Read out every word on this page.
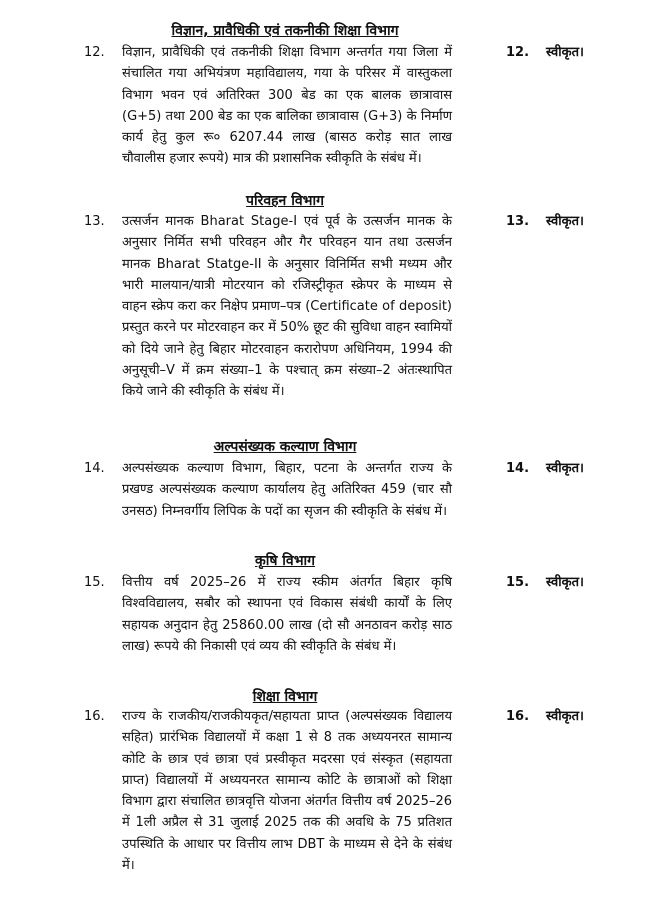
विज्ञान, प्रावैधिकी एवं तकनीकी शिक्षा विभाग
12. विज्ञान, प्रावैधिकी एवं तकनीकी शिक्षा विभाग अन्तर्गत गया जिला में संचालित गया अभियंत्रण महाविद्यालय, गया के परिसर में वास्तुकला विभाग भवन एवं अतिरिक्त 300 बेड का एक बालक छात्रावास (G+5) तथा 200 बेड का एक बालिका छात्रावास (G+3) के निर्माण कार्य हेतु कुल रू० 6207.44 लाख (बासठ करोड़ सात लाख चौवालीस हजार रूपये) मात्र की प्रशासनिक स्वीकृति के संबंध में।
12. स्वीकृत।
परिवहन विभाग
13. उत्सर्जन मानक Bharat Stage-I एवं पूर्व के उत्सर्जन मानक के अनुसार निर्मित सभी परिवहन और गैर परिवहन यान तथा उत्सर्जन मानक Bharat Statge-II के अनुसार विनिर्मित सभी मध्यम और भारी मालयान/यात्री मोटरयान को रजिस्ट्रीकृत स्क्रेपर के माध्यम से वाहन स्क्रेप करा कर निक्षेप प्रमाण–पत्र (Certificate of deposit) प्रस्तुत करने पर मोटरवाहन कर में 50% छूट की सुविधा वाहन स्वामियों को दिये जाने हेतु बिहार मोटरवाहन करारोपण अधिनियम, 1994 की अनुसूची–V में क्रम संख्या–1 के पश्चात् क्रम संख्या–2 अंतःस्थापित किये जाने की स्वीकृति के संबंध में।
13. स्वीकृत।
अल्पसंख्यक कल्याण विभाग
14. अल्पसंख्यक कल्याण विभाग, बिहार, पटना के अन्तर्गत राज्य के प्रखण्ड अल्पसंख्यक कल्याण कार्यालय हेतु अतिरिक्त 459 (चार सौ उनसठ) निम्नवर्गीय लिपिक के पदों का सृजन की स्वीकृति के संबंध में।
14. स्वीकृत।
कृषि विभाग
15. वित्तीय वर्ष 2025–26 में राज्य स्कीम अंतर्गत बिहार कृषि विश्वविद्यालय, सबौर को स्थापना एवं विकास संबंधी कार्यों के लिए सहायक अनुदान हेतु 25860.00 लाख (दो सौ अनठावन करोड़ साठ लाख) रूपये की निकासी एवं व्यय की स्वीकृति के संबंध में।
15. स्वीकृत।
शिक्षा विभाग
16. राज्य के राजकीय/राजकीयकृत/सहायता प्राप्त (अल्पसंख्यक विद्यालय सहित) प्रारंभिक विद्यालयों में कक्षा 1 से 8 तक अध्ययनरत सामान्य कोटि के छात्र एवं छात्रा एवं प्रस्वीकृत मदरसा एवं संस्कृत (सहायता प्राप्त) विद्यालयों में अध्ययनरत सामान्य कोटि के छात्राओं को शिक्षा विभाग द्वारा संचालित छात्रवृत्ति योजना अंतर्गत वित्तीय वर्ष 2025–26 में 1ली अप्रैल से 31 जुलाई 2025 तक की अवधि के 75 प्रतिशत उपस्थिति के आधार पर वित्तीय लाभ DBT के माध्यम से देने के संबंध में।
16. स्वीकृत।
